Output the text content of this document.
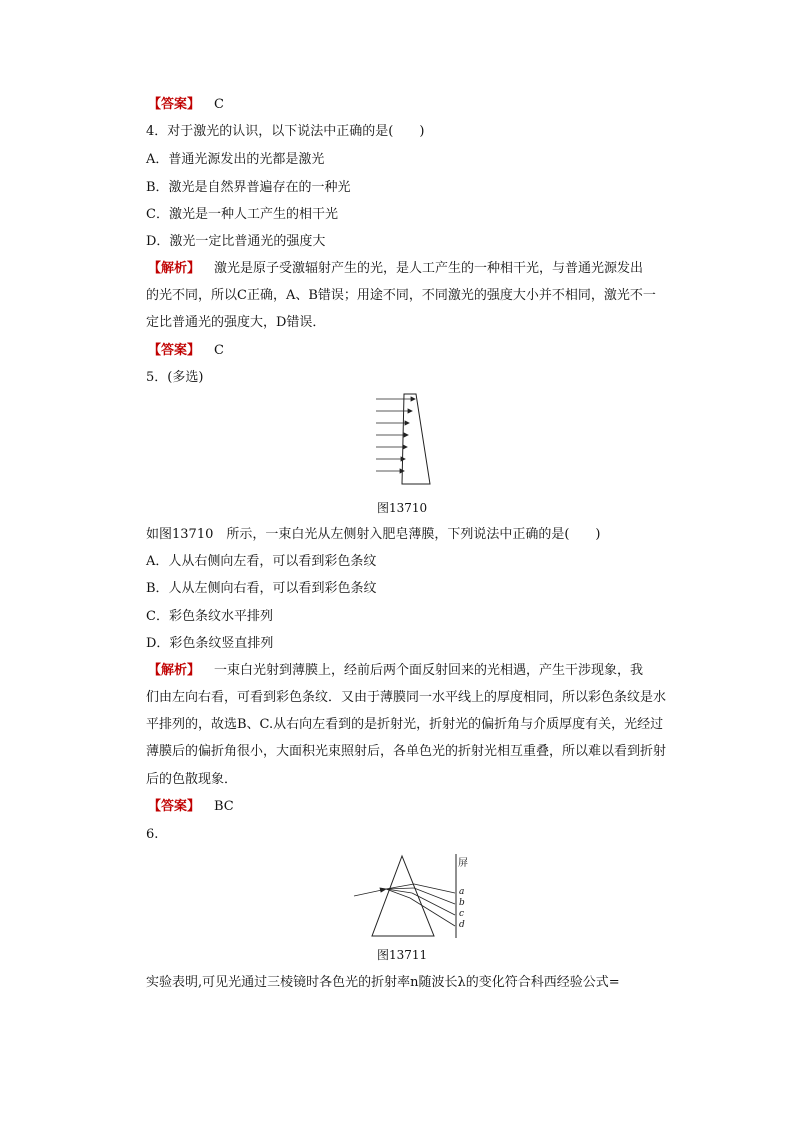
【答案】 C
4．对于激光的认识，以下说法中正确的是(　　)
A．普通光源发出的光都是激光
B．激光是自然界普遍存在的一种光
C．激光是一种人工产生的相干光
D．激光一定比普通光的强度大
【解析】 激光是原子受激辐射产生的光，是人工产生的一种相干光，与普通光源发出
的光不同，所以C正确，A、B错误；用途不同，不同激光的强度大小并不相同，激光不一
定比普通光的强度大，D错误．
【答案】 C
5．(多选)
图13710
如图13710　所示，一束白光从左侧射入肥皂薄膜，下列说法中正确的是(　　)
A．人从右侧向左看，可以看到彩色条纹
B．人从左侧向右看，可以看到彩色条纹
C．彩色条纹水平排列
D．彩色条纹竖直排列
【解析】 一束白光射到薄膜上，经前后两个面反射回来的光相遇，产生干涉现象，我
们由左向右看，可看到彩色条纹．又由于薄膜同一水平线上的厚度相同，所以彩色条纹是水
平排列的，故选B、C.从右向左看到的是折射光，折射光的偏折角与介质厚度有关，光经过
薄膜后的偏折角很小，大面积光束照射后，各单色光的折射光相互重叠，所以难以看到折射
后的色散现象．
【答案】 BC
6.
屏
a
b
c
d
图13711
实验表明,可见光通过三棱镜时各色光的折射率n随波长λ的变化符合科西经验公式=
